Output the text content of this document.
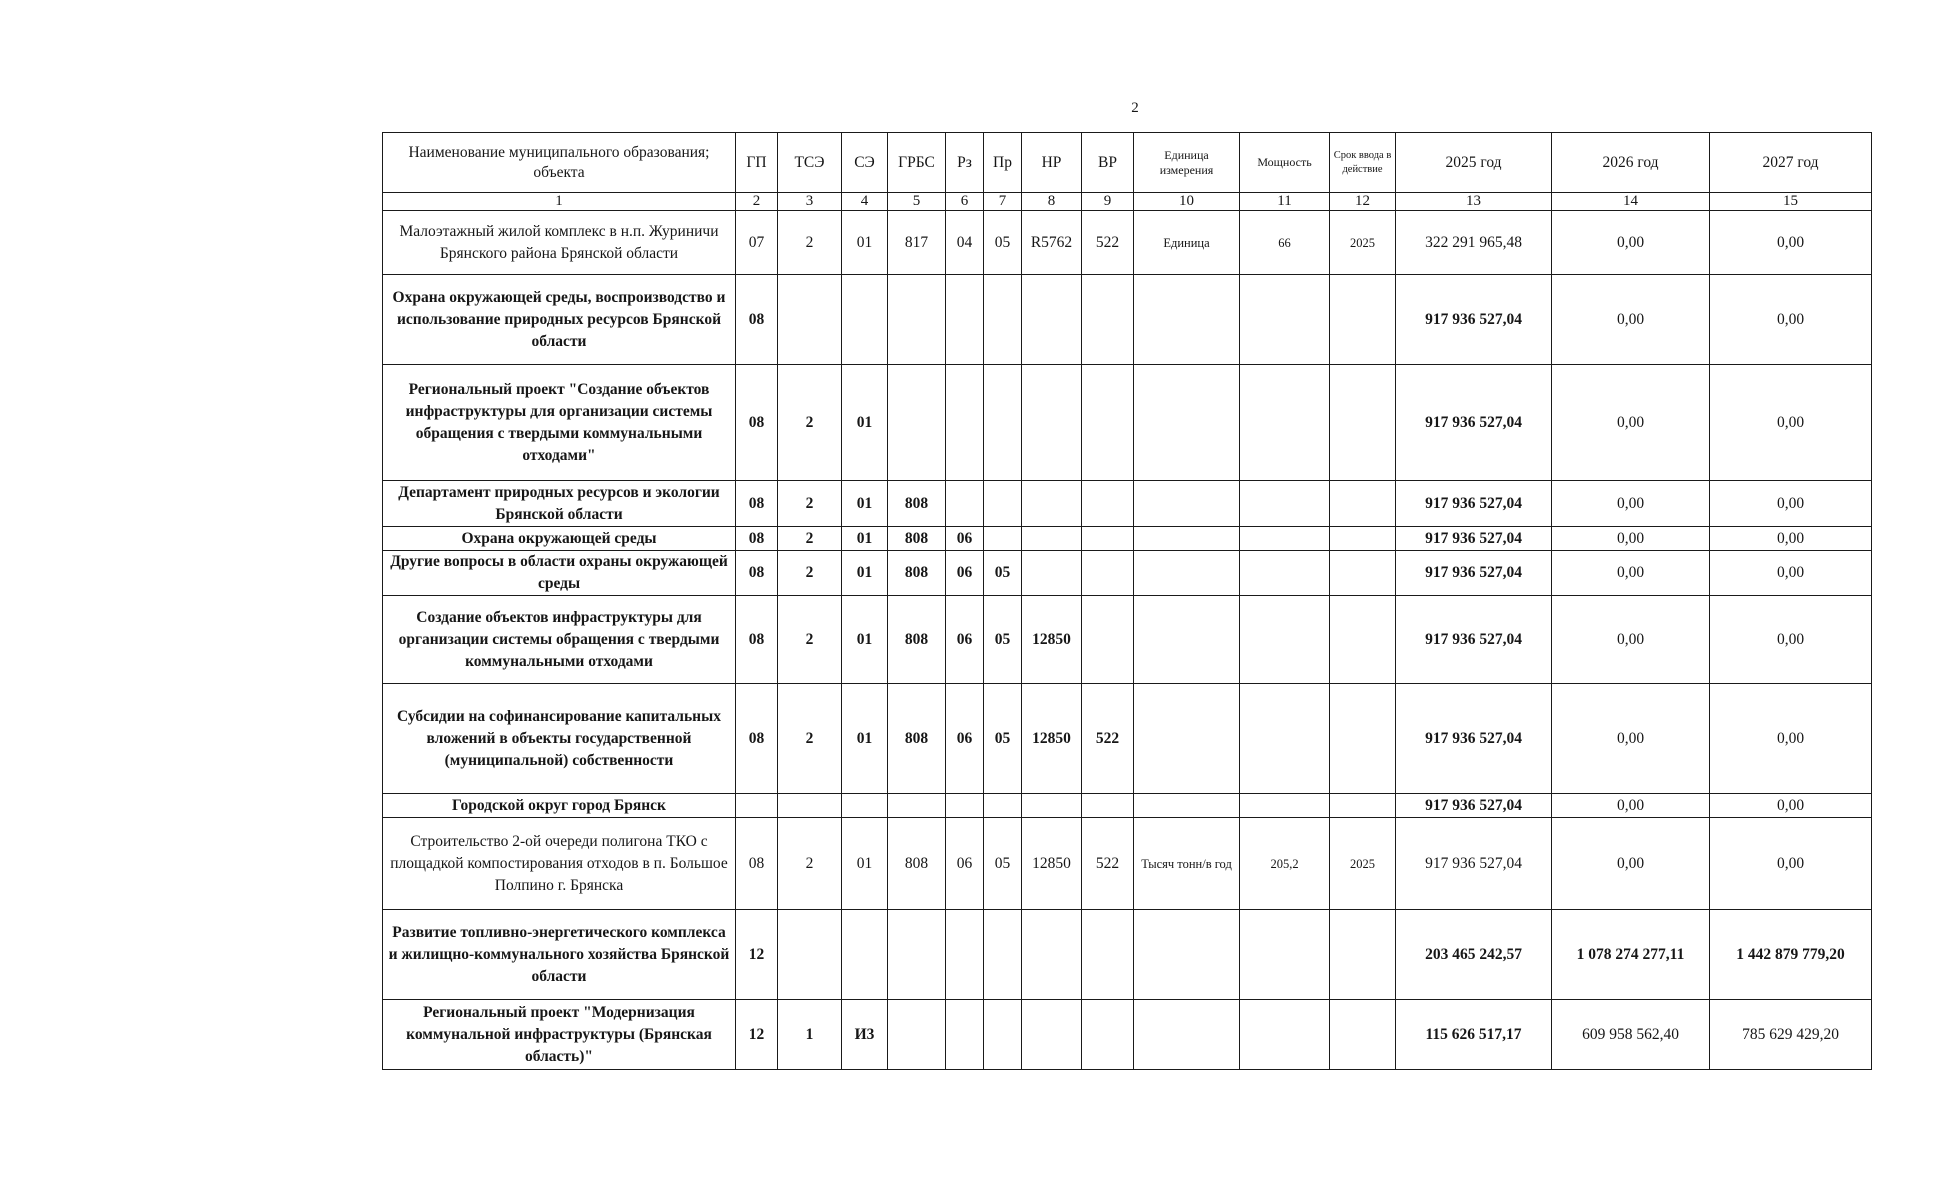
2
Наименование муниципального образования; объекта	ГП	ТСЭ	СЭ	ГРБС	Рз	Пр	НР	ВР	Единица измерения	Мощность	Срок ввода в действие	2025 год	2026 год	2027 год
1	2	3	4	5	6	7	8	9	10	11	12	13	14	15
Малоэтажный жилой комплекс в н.п. Журиничи Брянского района Брянской области	07	2	01	817	04	05	R5762	522	Единица	66	2025	322 291 965,48	0,00	0,00
Охрана окружающей среды, воспроизводство и использование природных ресурсов Брянской области	08											917 936 527,04	0,00	0,00
Региональный проект "Создание объектов инфраструктуры для организации системы обращения с твердыми коммунальными отходами"	08	2	01									917 936 527,04	0,00	0,00
Департамент природных ресурсов и экологии Брянской области	08	2	01	808								917 936 527,04	0,00	0,00
Охрана окружающей среды	08	2	01	808	06							917 936 527,04	0,00	0,00
Другие вопросы в области охраны окружающей среды	08	2	01	808	06	05						917 936 527,04	0,00	0,00
Создание объектов инфраструктуры для организации системы обращения с твердыми коммунальными отходами	08	2	01	808	06	05	12850					917 936 527,04	0,00	0,00
Субсидии на софинансирование капитальных вложений в объекты государственной (муниципальной) собственности	08	2	01	808	06	05	12850	522				917 936 527,04	0,00	0,00
Городской округ город Брянск												917 936 527,04	0,00	0,00
Строительство 2-ой очереди полигона ТКО с площадкой компостирования отходов в п. Большое Полпино г. Брянска	08	2	01	808	06	05	12850	522	Тысяч тонн/в год	205,2	2025	917 936 527,04	0,00	0,00
Развитие топливно-энергетического комплекса и жилищно-коммунального хозяйства Брянской области	12											203 465 242,57	1 078 274 277,11	1 442 879 779,20
Региональный проект "Модернизация коммунальной инфраструктуры (Брянская область)"	12	1	И3									115 626 517,17	609 958 562,40	785 629 429,20
